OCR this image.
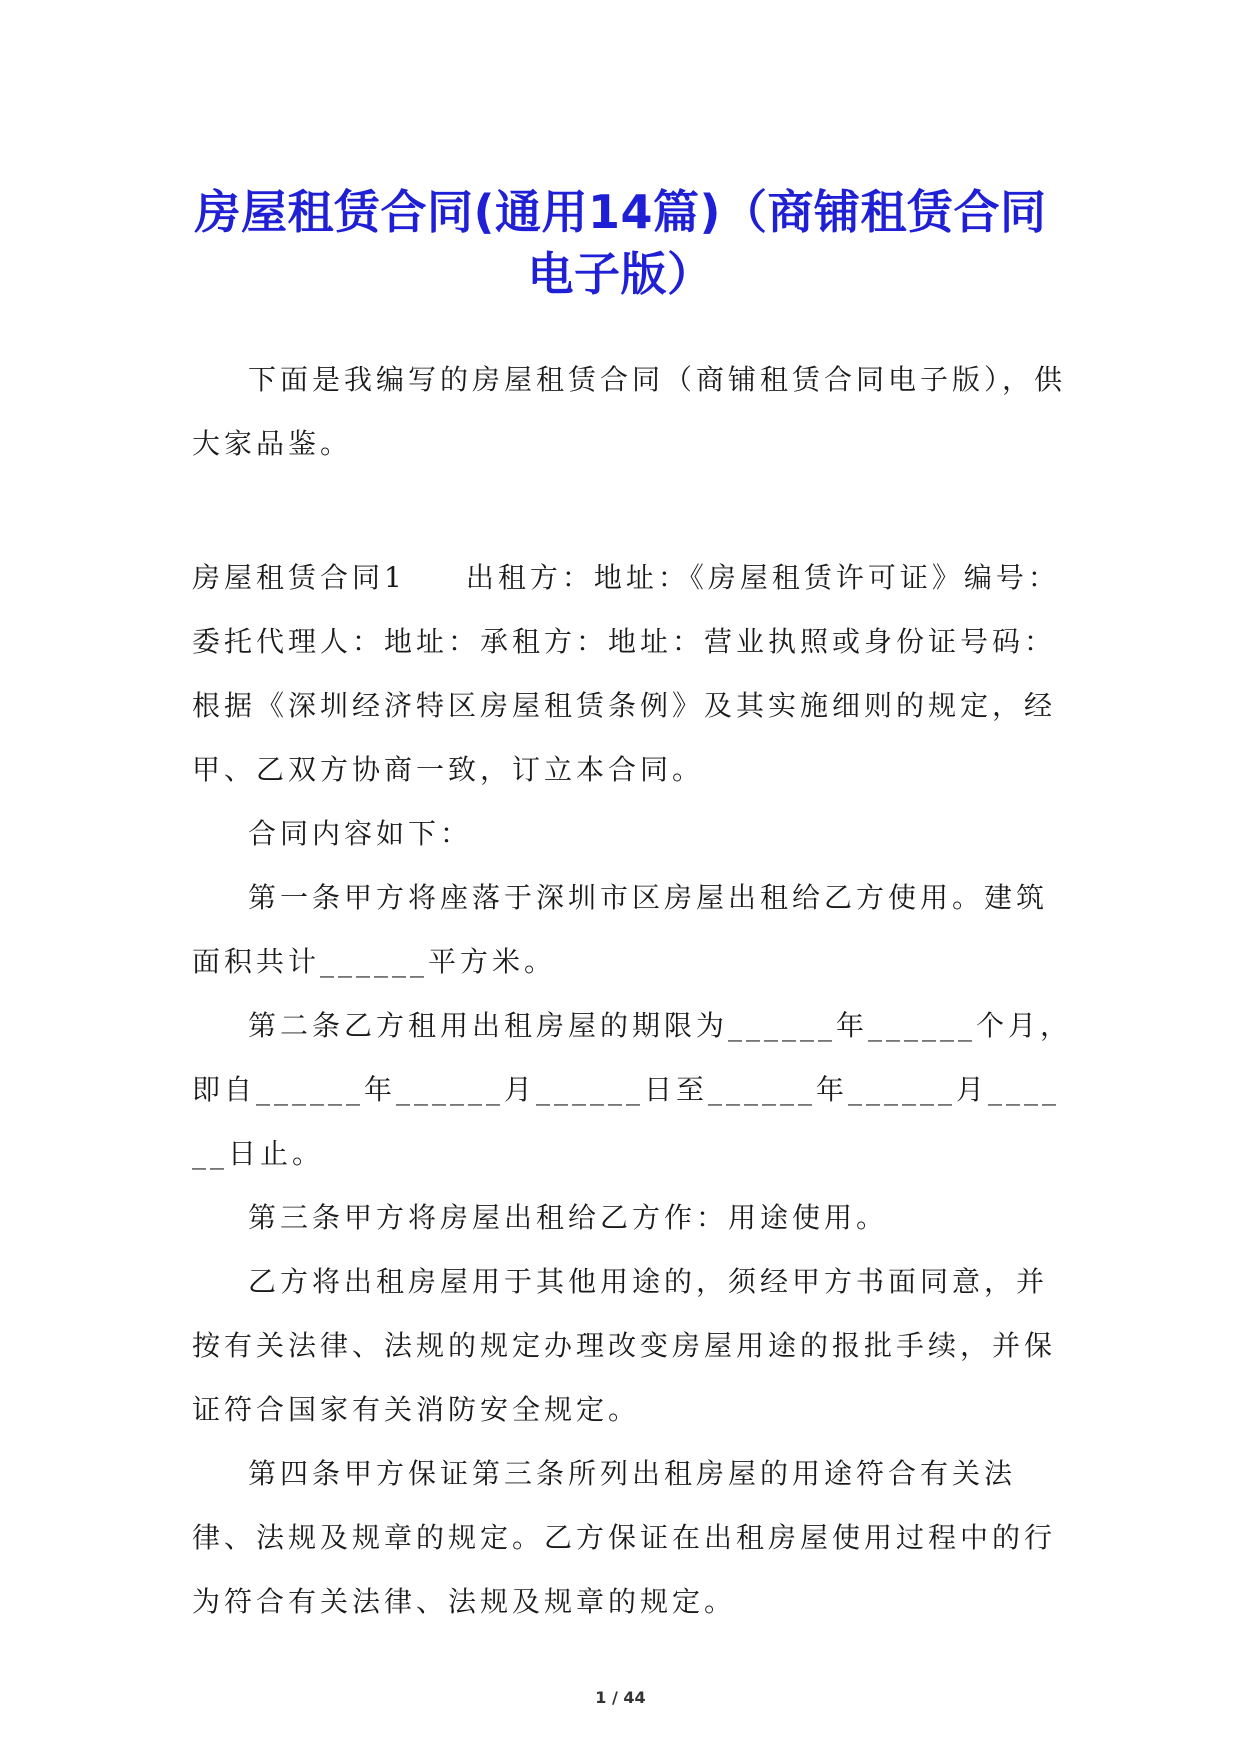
房屋租赁合同(通用14篇)（商铺租赁合同
电子版）

下面是我编写的房屋租赁合同（商铺租赁合同电子版），供大家品鉴。

房屋租赁合同1 出租方：地址：《房屋租赁许可证》编号：委托代理人：地址：承租方：地址：营业执照或身份证号码：根据《深圳经济特区房屋租赁条例》及其实施细则的规定，经甲、乙双方协商一致，订立本合同。

合同内容如下：

第一条甲方将座落于深圳市区房屋出租给乙方使用。建筑面积共计______平方米。

第二条乙方租用出租房屋的期限为______年______个月，即自______年______月______日至______年______月______日止。

第三条甲方将房屋出租给乙方作：用途使用。

乙方将出租房屋用于其他用途的，须经甲方书面同意，并按有关法律、法规的规定办理改变房屋用途的报批手续，并保证符合国家有关消防安全规定。

第四条甲方保证第三条所列出租房屋的用途符合有关法律、法规及规章的规定。乙方保证在出租房屋使用过程中的行为符合有关法律、法规及规章的规定。

1 / 44
